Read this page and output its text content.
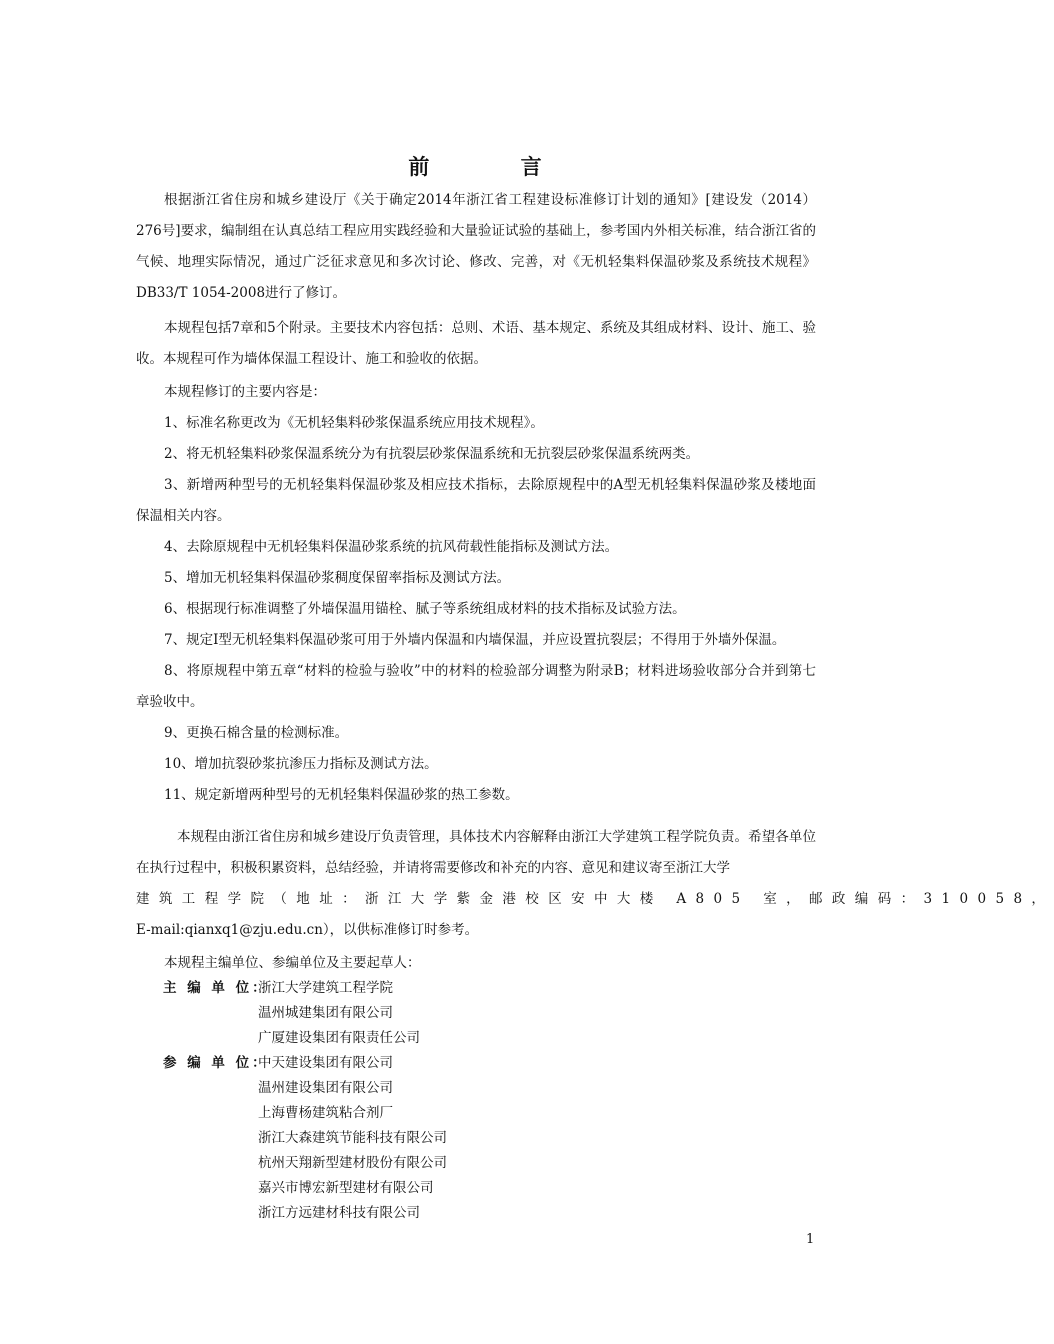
前 言

根据浙江省住房和城乡建设厅《关于确定2014年浙江省工程建设标准修订计划的通知》[建设发（2014）276号]要求，编制组在认真总结工程应用实践经验和大量验证试验的基础上，参考国内外相关标准，结合浙江省的气候、地理实际情况，通过广泛征求意见和多次讨论、修改、完善，对《无机轻集料保温砂浆及系统技术规程》DB33/T 1054-2008进行了修订。

本规程包括7章和5个附录。主要技术内容包括：总则、术语、基本规定、系统及其组成材料、设计、施工、验收。本规程可作为墙体保温工程设计、施工和验收的依据。

本规程修订的主要内容是：

1、标准名称更改为《无机轻集料砂浆保温系统应用技术规程》。

2、将无机轻集料砂浆保温系统分为有抗裂层砂浆保温系统和无抗裂层砂浆保温系统两类。

3、新增两种型号的无机轻集料保温砂浆及相应技术指标，去除原规程中的A型无机轻集料保温砂浆及楼地面保温相关内容。

4、去除原规程中无机轻集料保温砂浆系统的抗风荷载性能指标及测试方法。

5、增加无机轻集料保温砂浆稠度保留率指标及测试方法。

6、根据现行标准调整了外墙保温用锚栓、腻子等系统组成材料的技术指标及试验方法。

7、规定Ⅰ型无机轻集料保温砂浆可用于外墙内保温和内墙保温，并应设置抗裂层；不得用于外墙外保温。

8、将原规程中第五章“材料的检验与验收”中的材料的检验部分调整为附录B；材料进场验收部分合并到第七章验收中。

9、更换石棉含量的检测标准。

10、增加抗裂砂浆抗渗压力指标及测试方法。

11、规定新增两种型号的无机轻集料保温砂浆的热工参数。

本规程由浙江省住房和城乡建设厅负责管理，具体技术内容解释由浙江大学建筑工程学院负责。希望各单位在执行过程中，积极积累资料，总结经验，并请将需要修改和补充的内容、意见和建议寄至浙江大学

建筑工程学院（地址：浙江大学紫金港校区安中大楼 A805 室，邮政编码：310058，

E-mail:qianxq1@zju.edu.cn），以供标准修订时参考。

本规程主编单位、参编单位及主要起草人：

主 编 单 位：
浙江大学建筑工程学院
温州城建集团有限公司
广厦建设集团有限责任公司
参 编 单 位：
中天建设集团有限公司
温州建设集团有限公司
上海曹杨建筑粘合剂厂
浙江大森建筑节能科技有限公司
杭州天翔新型建材股份有限公司
嘉兴市博宏新型建材有限公司
浙江方远建材科技有限公司
1
